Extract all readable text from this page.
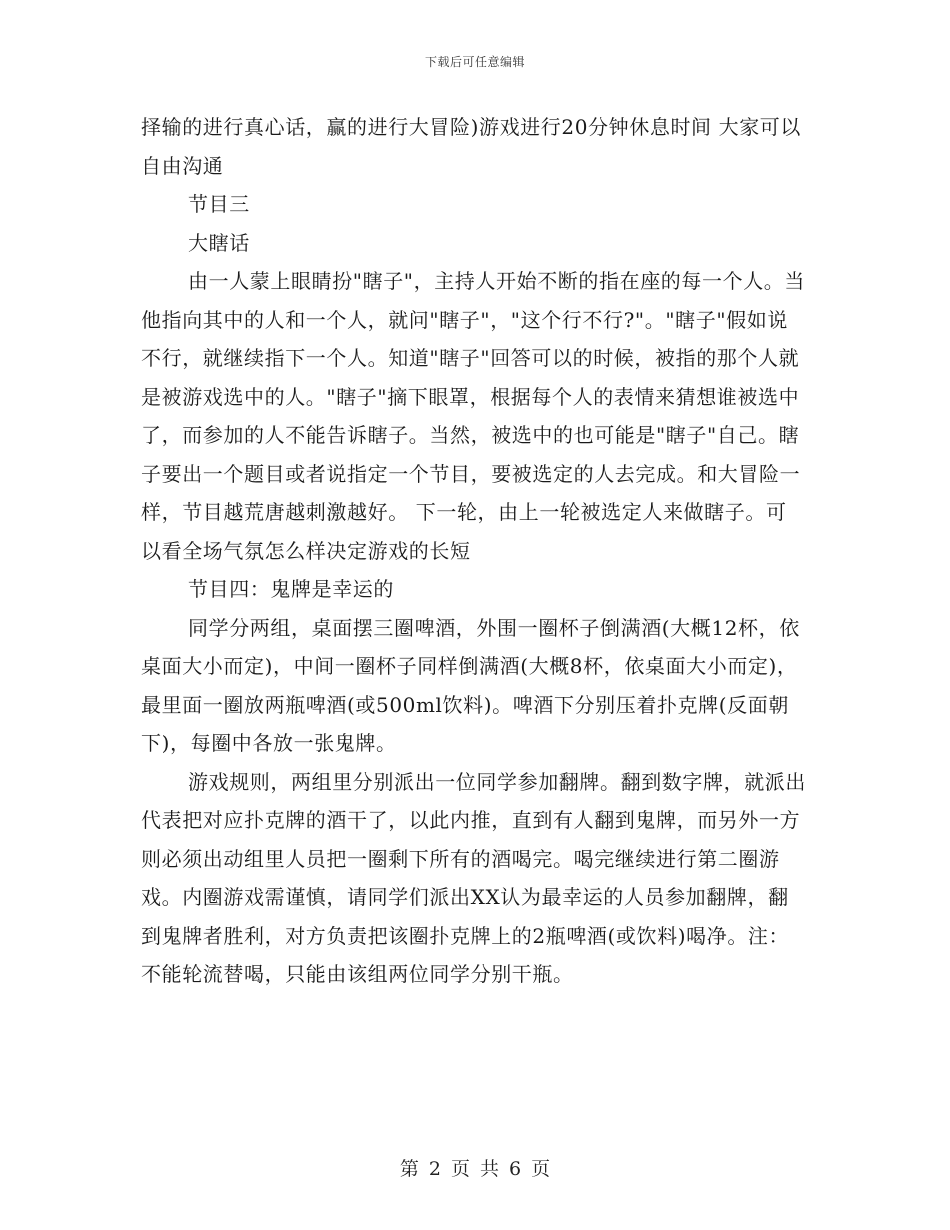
下载后可任意编辑

择输的进行真心话，赢的进行大冒险)游戏进行20分钟休息时间 大家可以自由沟通

节目三

大瞎话

由一人蒙上眼睛扮"瞎子"，主持人开始不断的指在座的每一个人。当他指向其中的人和一个人，就问"瞎子"，"这个行不行?"。"瞎子"假如说不行，就继续指下一个人。知道"瞎子"回答可以的时候，被指的那个人就是被游戏选中的人。"瞎子"摘下眼罩，根据每个人的表情来猜想谁被选中了，而参加的人不能告诉瞎子。当然，被选中的也可能是"瞎子"自己。瞎子要出一个题目或者说指定一个节目，要被选定的人去完成。和大冒险一样，节目越荒唐越刺激越好。 下一轮，由上一轮被选定人来做瞎子。可以看全场气氛怎么样决定游戏的长短

节目四：鬼牌是幸运的

同学分两组，桌面摆三圈啤酒，外围一圈杯子倒满酒(大概12杯，依桌面大小而定)，中间一圈杯子同样倒满酒(大概8杯，依桌面大小而定)，最里面一圈放两瓶啤酒(或500ml饮料)。啤酒下分别压着扑克牌(反面朝下)，每圈中各放一张鬼牌。

游戏规则，两组里分别派出一位同学参加翻牌。翻到数字牌，就派出代表把对应扑克牌的酒干了，以此内推，直到有人翻到鬼牌，而另外一方则必须出动组里人员把一圈剩下所有的酒喝完。喝完继续进行第二圈游戏。内圈游戏需谨慎，请同学们派出XX认为最幸运的人员参加翻牌，翻到鬼牌者胜利，对方负责把该圈扑克牌上的2瓶啤酒(或饮料)喝净。注：不能轮流替喝，只能由该组两位同学分别干瓶。

第 2 页 共 6 页
